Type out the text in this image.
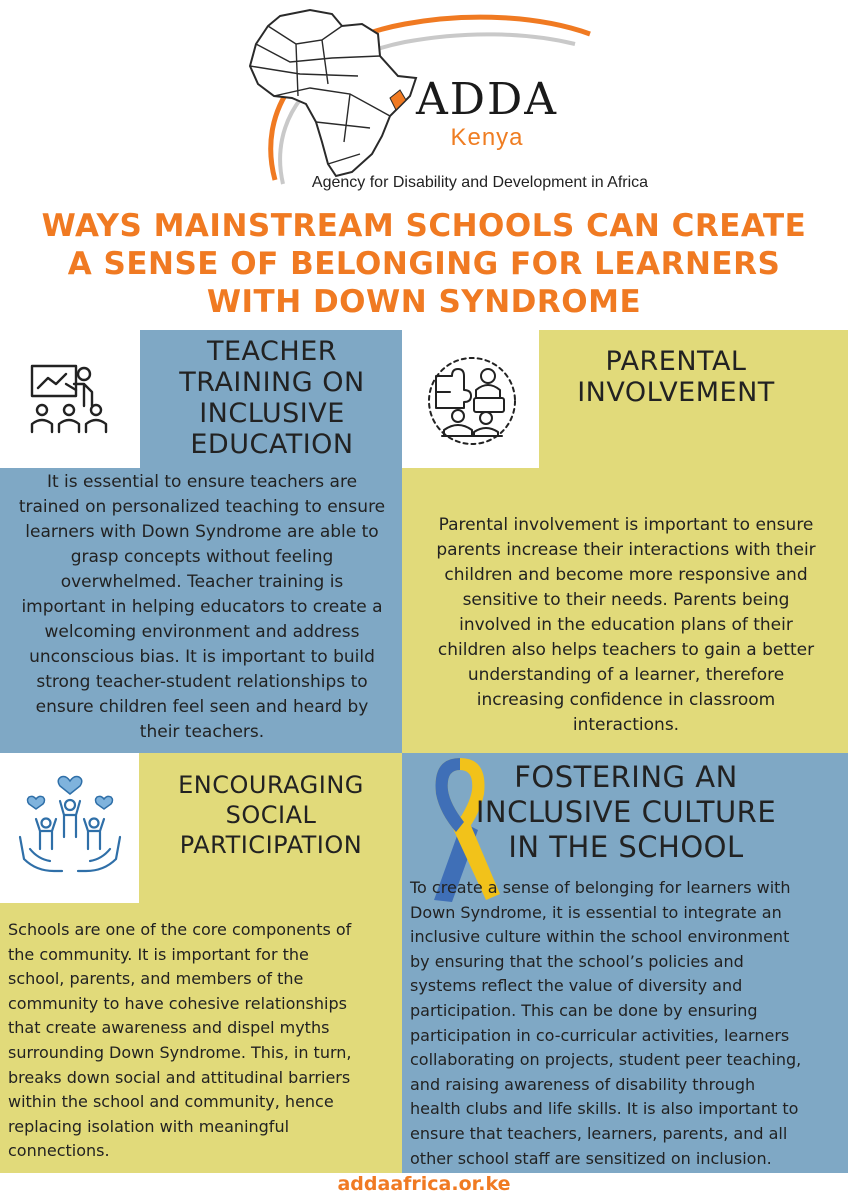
ADDA
Kenya
Agency for Disability and Development in Africa
WAYS MAINSTREAM SCHOOLS CAN CREATE
A SENSE OF BELONGING FOR LEARNERS
WITH DOWN SYNDROME
TEACHER
TRAINING ON
INCLUSIVE
EDUCATION
It is essential to ensure teachers are
trained on personalized teaching to ensure
learners with Down Syndrome are able to
grasp concepts without feeling
overwhelmed. Teacher training is
important in helping educators to create a
welcoming environment and address
unconscious bias. It is important to build
strong teacher-student relationships to
ensure children feel seen and heard by
their teachers.
PARENTAL
INVOLVEMENT
Parental involvement is important to ensure
parents increase their interactions with their
children and become more responsive and
sensitive to their needs. Parents being
involved in the education plans of their
children also helps teachers to gain a better
understanding of a learner, therefore
increasing confidence in classroom
interactions.
ENCOURAGING
SOCIAL
PARTICIPATION
Schools are one of the core components of
the community. It is important for the
school, parents, and members of the
community to have cohesive relationships
that create awareness and dispel myths
surrounding Down Syndrome. This, in turn,
breaks down social and attitudinal barriers
within the school and community, hence
replacing isolation with meaningful
connections.
FOSTERING AN
INCLUSIVE CULTURE
IN THE SCHOOL
To create a sense of belonging for learners with
Down Syndrome, it is essential to integrate an
inclusive culture within the school environment
by ensuring that the school’s policies and
systems reflect the value of diversity and
participation. This can be done by ensuring
participation in co-curricular activities, learners
collaborating on projects, student peer teaching,
and raising awareness of disability through
health clubs and life skills. It is also important to
ensure that teachers, learners, parents, and all
other school staff are sensitized on inclusion.
addaafrica.or.ke
